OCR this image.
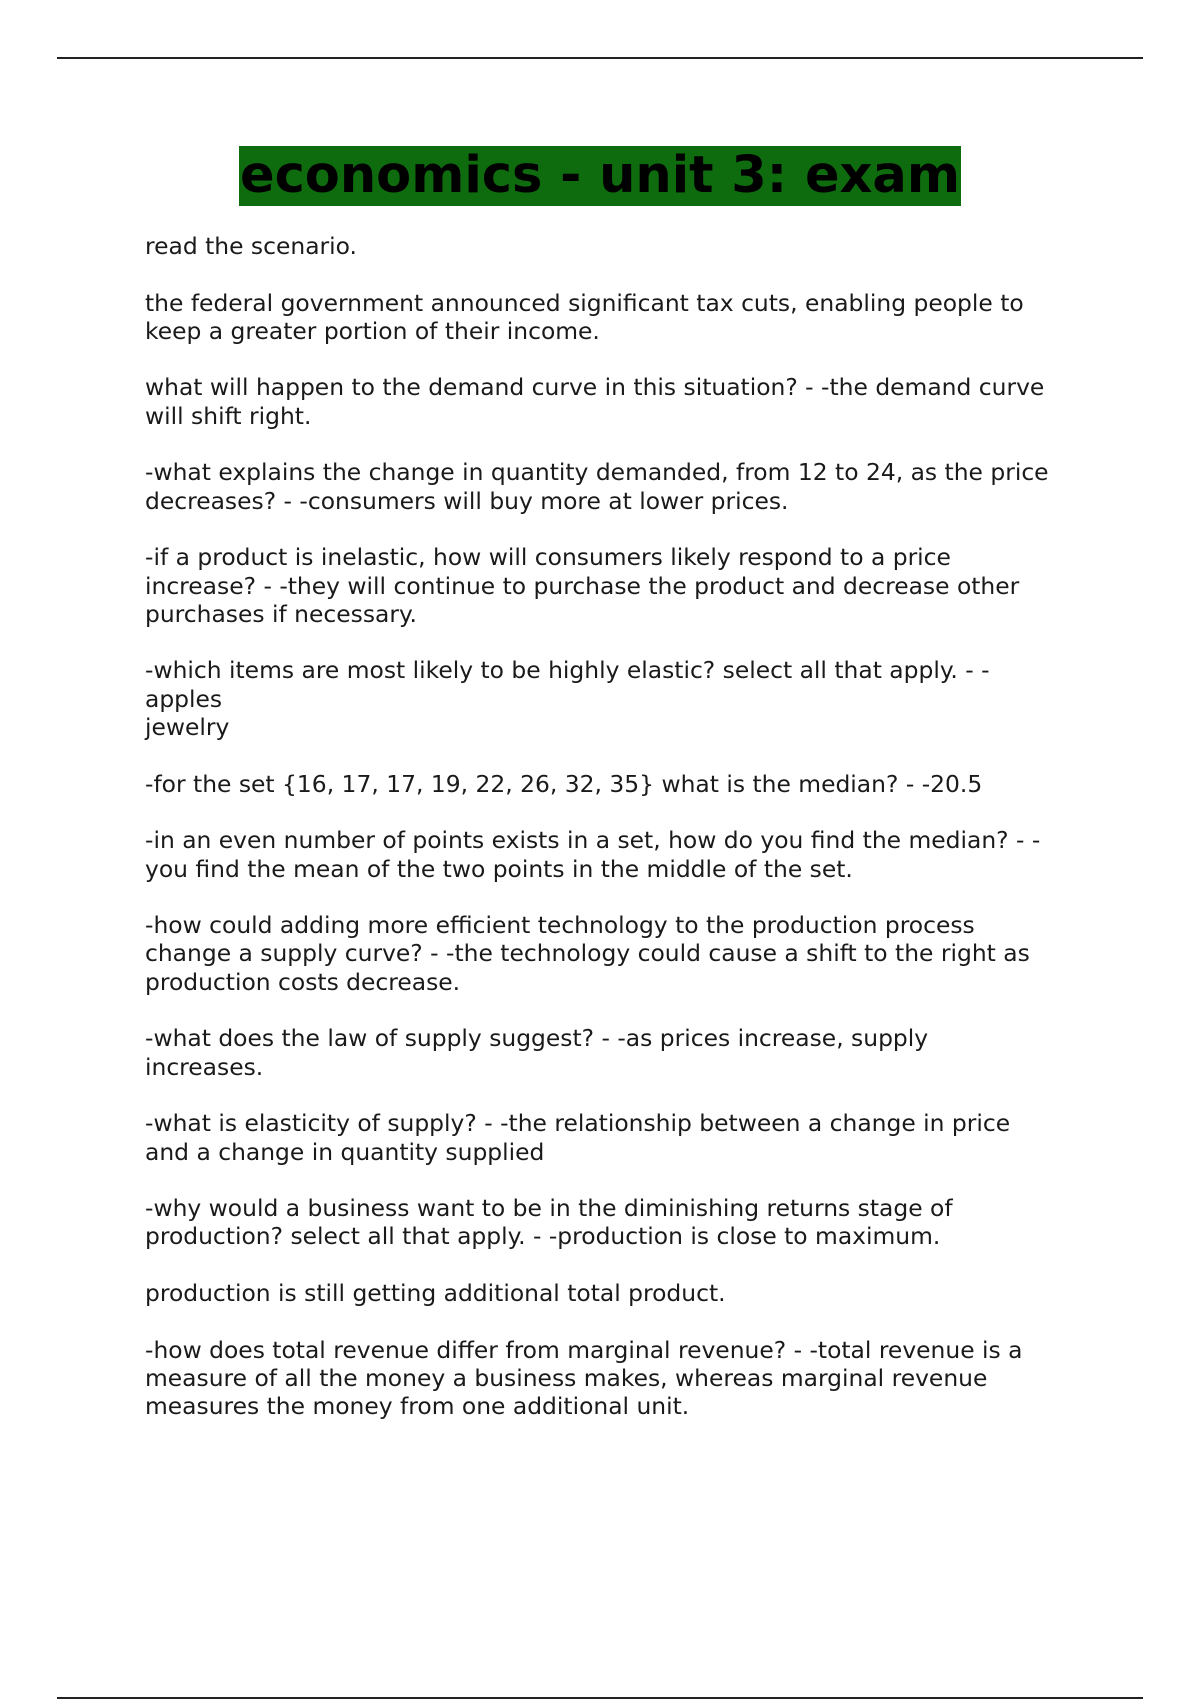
economics - unit 3: exam

read the scenario.

the federal government announced significant tax cuts, enabling people to
keep a greater portion of their income.

what will happen to the demand curve in this situation? - -the demand curve
will shift right.

-what explains the change in quantity demanded, from 12 to 24, as the price
decreases? - -consumers will buy more at lower prices.

-if a product is inelastic, how will consumers likely respond to a price
increase? - -they will continue to purchase the product and decrease other
purchases if necessary.

-which items are most likely to be highly elastic? select all that apply. - -
apples
jewelry

-for the set {16, 17, 17, 19, 22, 26, 32, 35} what is the median? - -20.5

-in an even number of points exists in a set, how do you find the median? - -
you find the mean of the two points in the middle of the set.

-how could adding more efficient technology to the production process
change a supply curve? - -the technology could cause a shift to the right as
production costs decrease.

-what does the law of supply suggest? - -as prices increase, supply
increases.

-what is elasticity of supply? - -the relationship between a change in price
and a change in quantity supplied

-why would a business want to be in the diminishing returns stage of
production? select all that apply. - -production is close to maximum.

production is still getting additional total product.

-how does total revenue differ from marginal revenue? - -total revenue is a
measure of all the money a business makes, whereas marginal revenue
measures the money from one additional unit.
